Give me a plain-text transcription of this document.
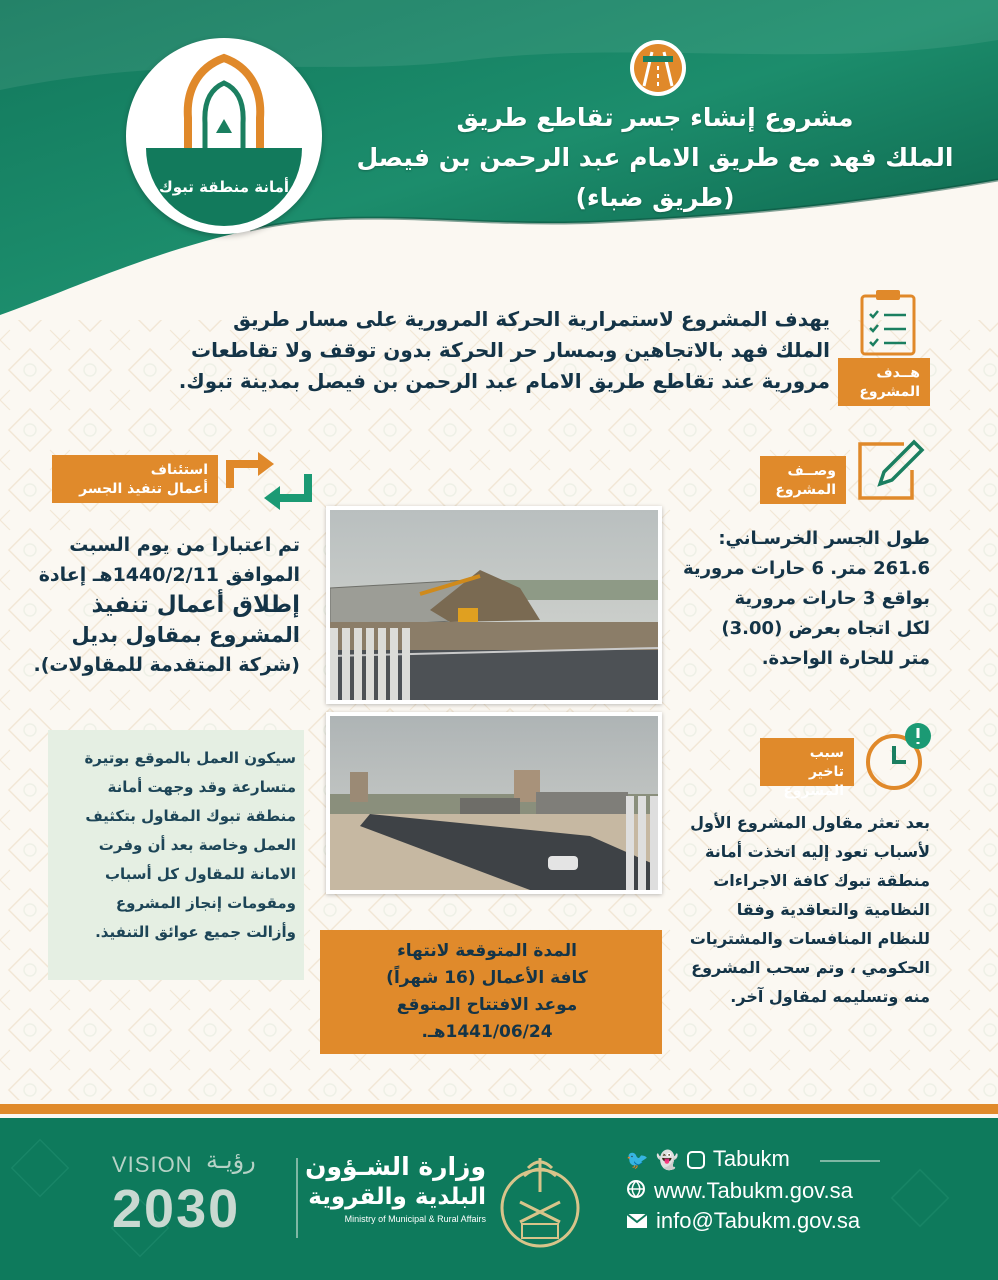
أمانة منطقة تبوك
مشروع إنشاء جسر تقاطع طريق
الملك فهد مع طريق الامام عبد الرحمن بن فيصل
(طريق ضباء)
هــدف
المشروع
يهدف المشروع لاستمرارية الحركة المرورية على مسار طريق
الملك فهد بالاتجاهين وبمسار حر الحركة بدون توقف ولا تقاطعات
مرورية عند تقاطع طريق الامام عبد الرحمن بن فيصل بمدينة تبوك.
استئناف
أعمال تنفيذ الجسر
تم اعتبارا من يوم السبت
الموافق 1440/2/11هـ إعادة
إطلاق أعمال تنفيذ
المشروع بمقاول بديل
(شركة المتقدمة للمقاولات).
وصــف
المشروع
طول الجسر الخرسـاني:
261.6 متر. 6 حارات مرورية
بواقع 3 حارات مرورية
لكل اتجاه بعرض (3.00)
متر للحارة الواحدة.
سبب تاخير
المشروع
بعد تعثر مقاول المشروع الأول
لأسباب تعود إليه اتخذت أمانة
منطقة تبوك كافة الاجراءات
النظامية والتعاقدية وفقا
للنظام المنافسات والمشتريات
الحكومي ، وتم سحب المشروع
منه وتسليمه لمقاول آخر.
سيكون العمل بالموقع بوتيرة
متسارعة وقد وجهت أمانة
منطقة تبوك المقاول بتكثيف
العمل وخاصة بعد أن وفرت
الامانة للمقاول كل أسباب
ومقومات إنجاز المشروع
وأزالت جميع عوائق التنفيذ.
المدة المتوقعة لانتهاء
كافة الأعمال (16 شهراً)
موعد الافتتاح المتوقع
1441/06/24هـ.
🐦 👻 Tabukm
www.Tabukm.gov.sa
info@Tabukm.gov.sa
وزارة الشـؤون
البلدية والقروية
Ministry of Municipal & Rural Affairs
VISION رؤيـة
2030
